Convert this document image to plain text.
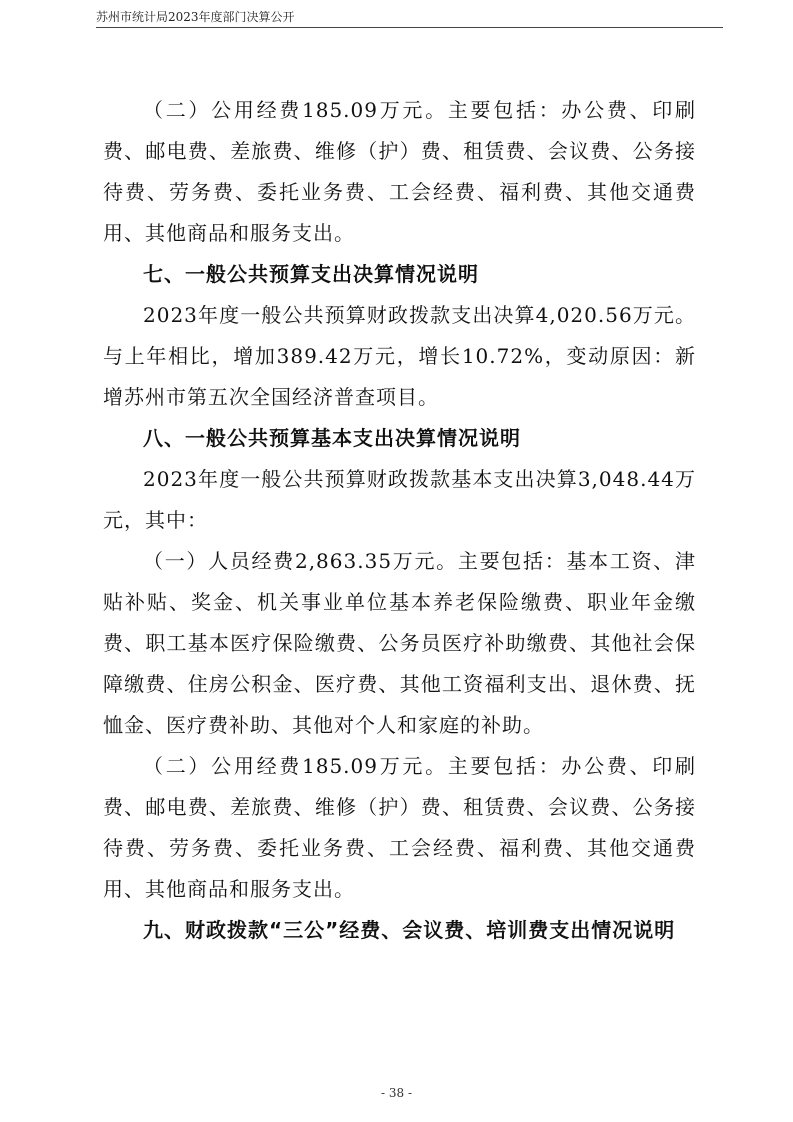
苏州市统计局2023年度部门决算公开

（二）公用经费185.09万元。主要包括：办公费、印刷费、邮电费、差旅费、维修（护）费、租赁费、会议费、公务接待费、劳务费、委托业务费、工会经费、福利费、其他交通费用、其他商品和服务支出。

七、一般公共预算支出决算情况说明

2023年度一般公共预算财政拨款支出决算4,020.56万元。与上年相比，增加389.42万元，增长10.72%，变动原因：新增苏州市第五次全国经济普查项目。

八、一般公共预算基本支出决算情况说明

2023年度一般公共预算财政拨款基本支出决算3,048.44万元，其中：

（一）人员经费2,863.35万元。主要包括：基本工资、津贴补贴、奖金、机关事业单位基本养老保险缴费、职业年金缴费、职工基本医疗保险缴费、公务员医疗补助缴费、其他社会保障缴费、住房公积金、医疗费、其他工资福利支出、退休费、抚恤金、医疗费补助、其他对个人和家庭的补助。

（二）公用经费185.09万元。主要包括：办公费、印刷费、邮电费、差旅费、维修（护）费、租赁费、会议费、公务接待费、劳务费、委托业务费、工会经费、福利费、其他交通费用、其他商品和服务支出。

九、财政拨款“三公”经费、会议费、培训费支出情况说明

- 38 -
